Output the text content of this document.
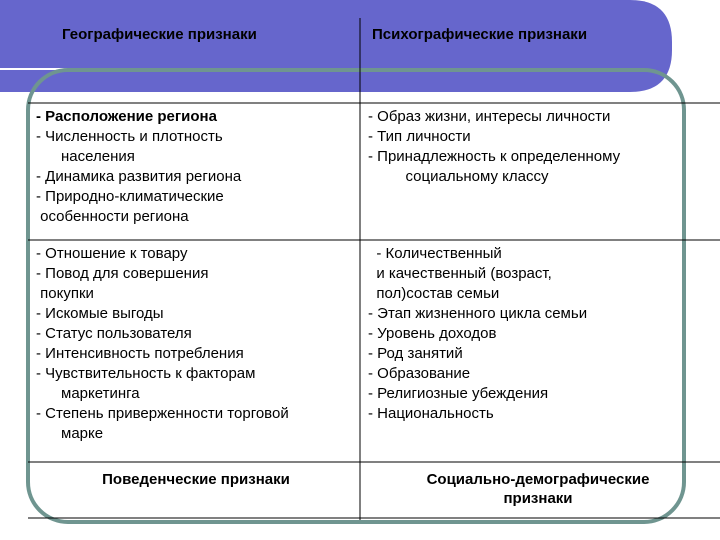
Географические признаки	Психографические признаки
- Расположение региона
- Численность и плотность
населения
- Динамика развития региона
- Природно-климатические
особенности региона
- Образ жизни, интересы личности
- Тип личности
- Принадлежность к определенному
социальному классу
- Отношение к товару
- Повод для совершения
покупки
- Искомые выгоды
- Статус пользователя
- Интенсивность потребления
- Чувствительность к факторам
маркетинга
- Степень приверженности торговой
марке
- Количественный
и качественный (возраст,
пол)состав семьи
- Этап жизненного цикла семьи
- Уровень доходов
- Род занятий
- Образование
- Религиозные убеждения
- Национальность
Поведенческие признаки	Социально-демографические
признаки
